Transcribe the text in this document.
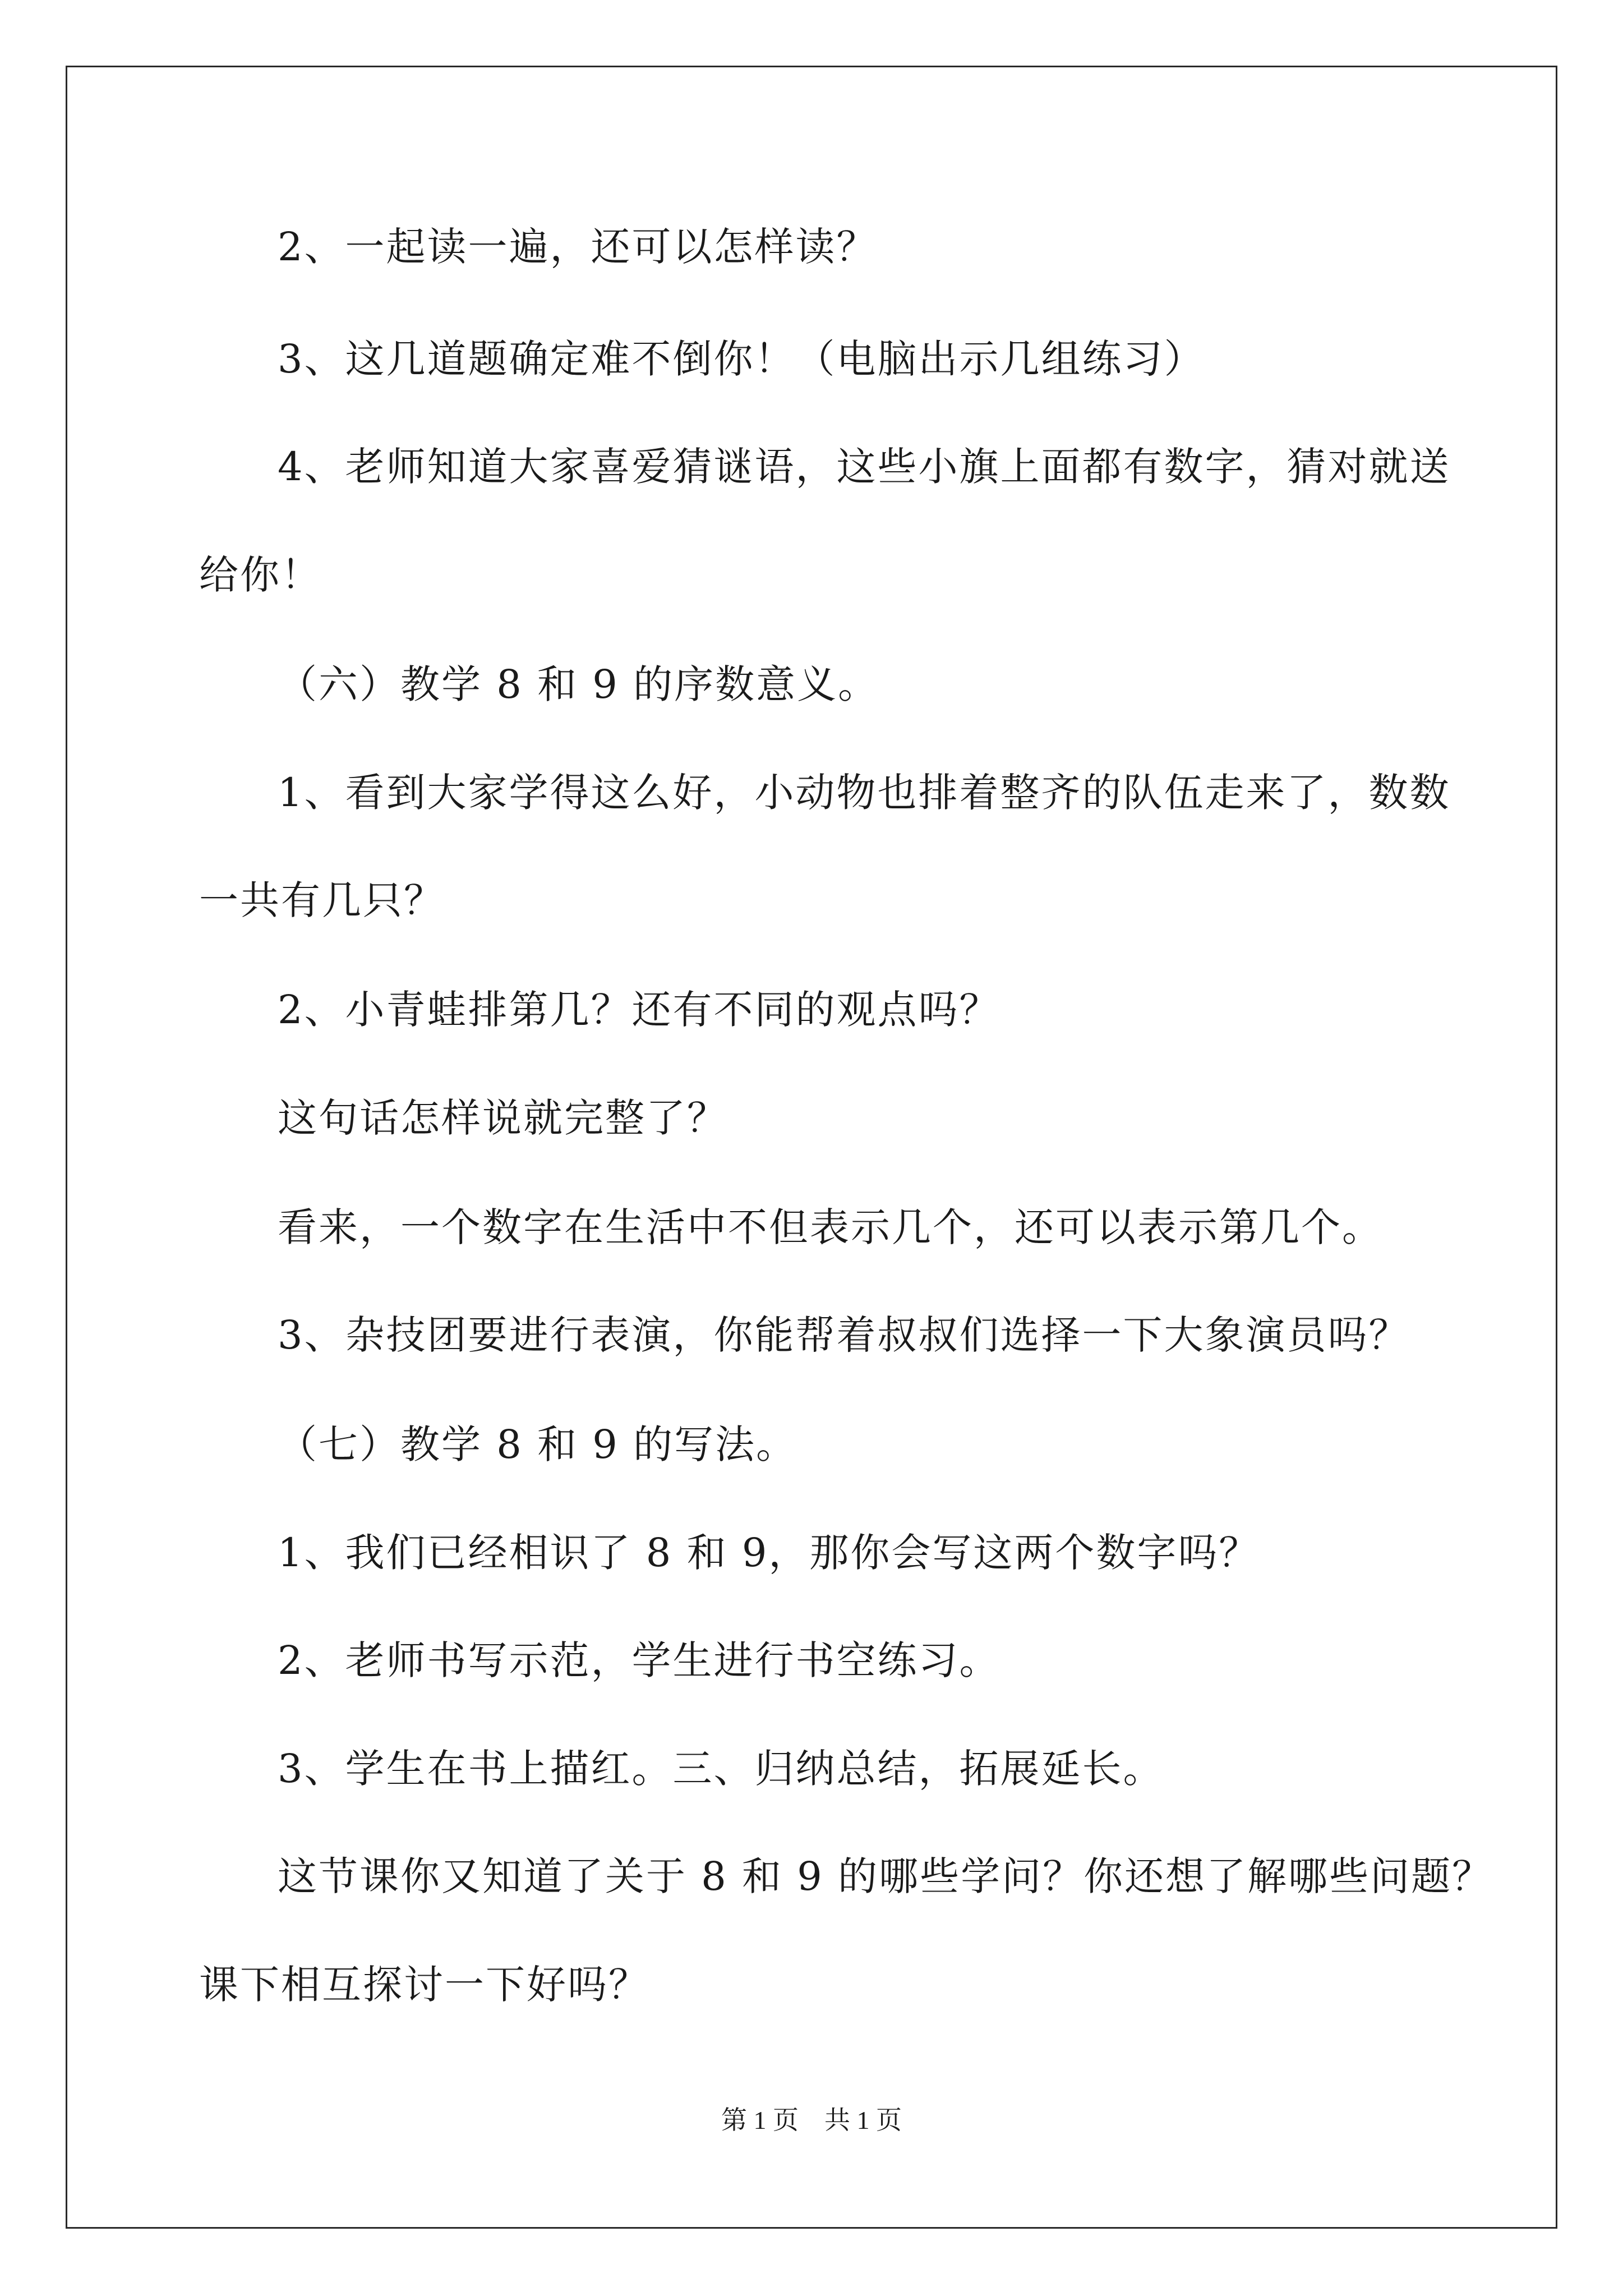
2、一起读一遍，还可以怎样读？
3、这几道题确定难不倒你！（电脑出示几组练习）
4、老师知道大家喜爱猜谜语，这些小旗上面都有数字，猜对就送
给你！
（六）教学 8 和 9 的序数意义。
1、看到大家学得这么好，小动物也排着整齐的队伍走来了，数数
一共有几只？
2、小青蛙排第几？还有不同的观点吗？
这句话怎样说就完整了？
看来，一个数字在生活中不但表示几个，还可以表示第几个。
3、杂技团要进行表演，你能帮着叔叔们选择一下大象演员吗？
（七）教学 8 和 9 的写法。
1、我们已经相识了 8 和 9，那你会写这两个数字吗？
2、老师书写示范，学生进行书空练习。
3、学生在书上描红。三、归纳总结，拓展延长。
这节课你又知道了关于 8 和 9 的哪些学问？你还想了解哪些问题？
课下相互探讨一下好吗？
第 1 页　共 1 页
